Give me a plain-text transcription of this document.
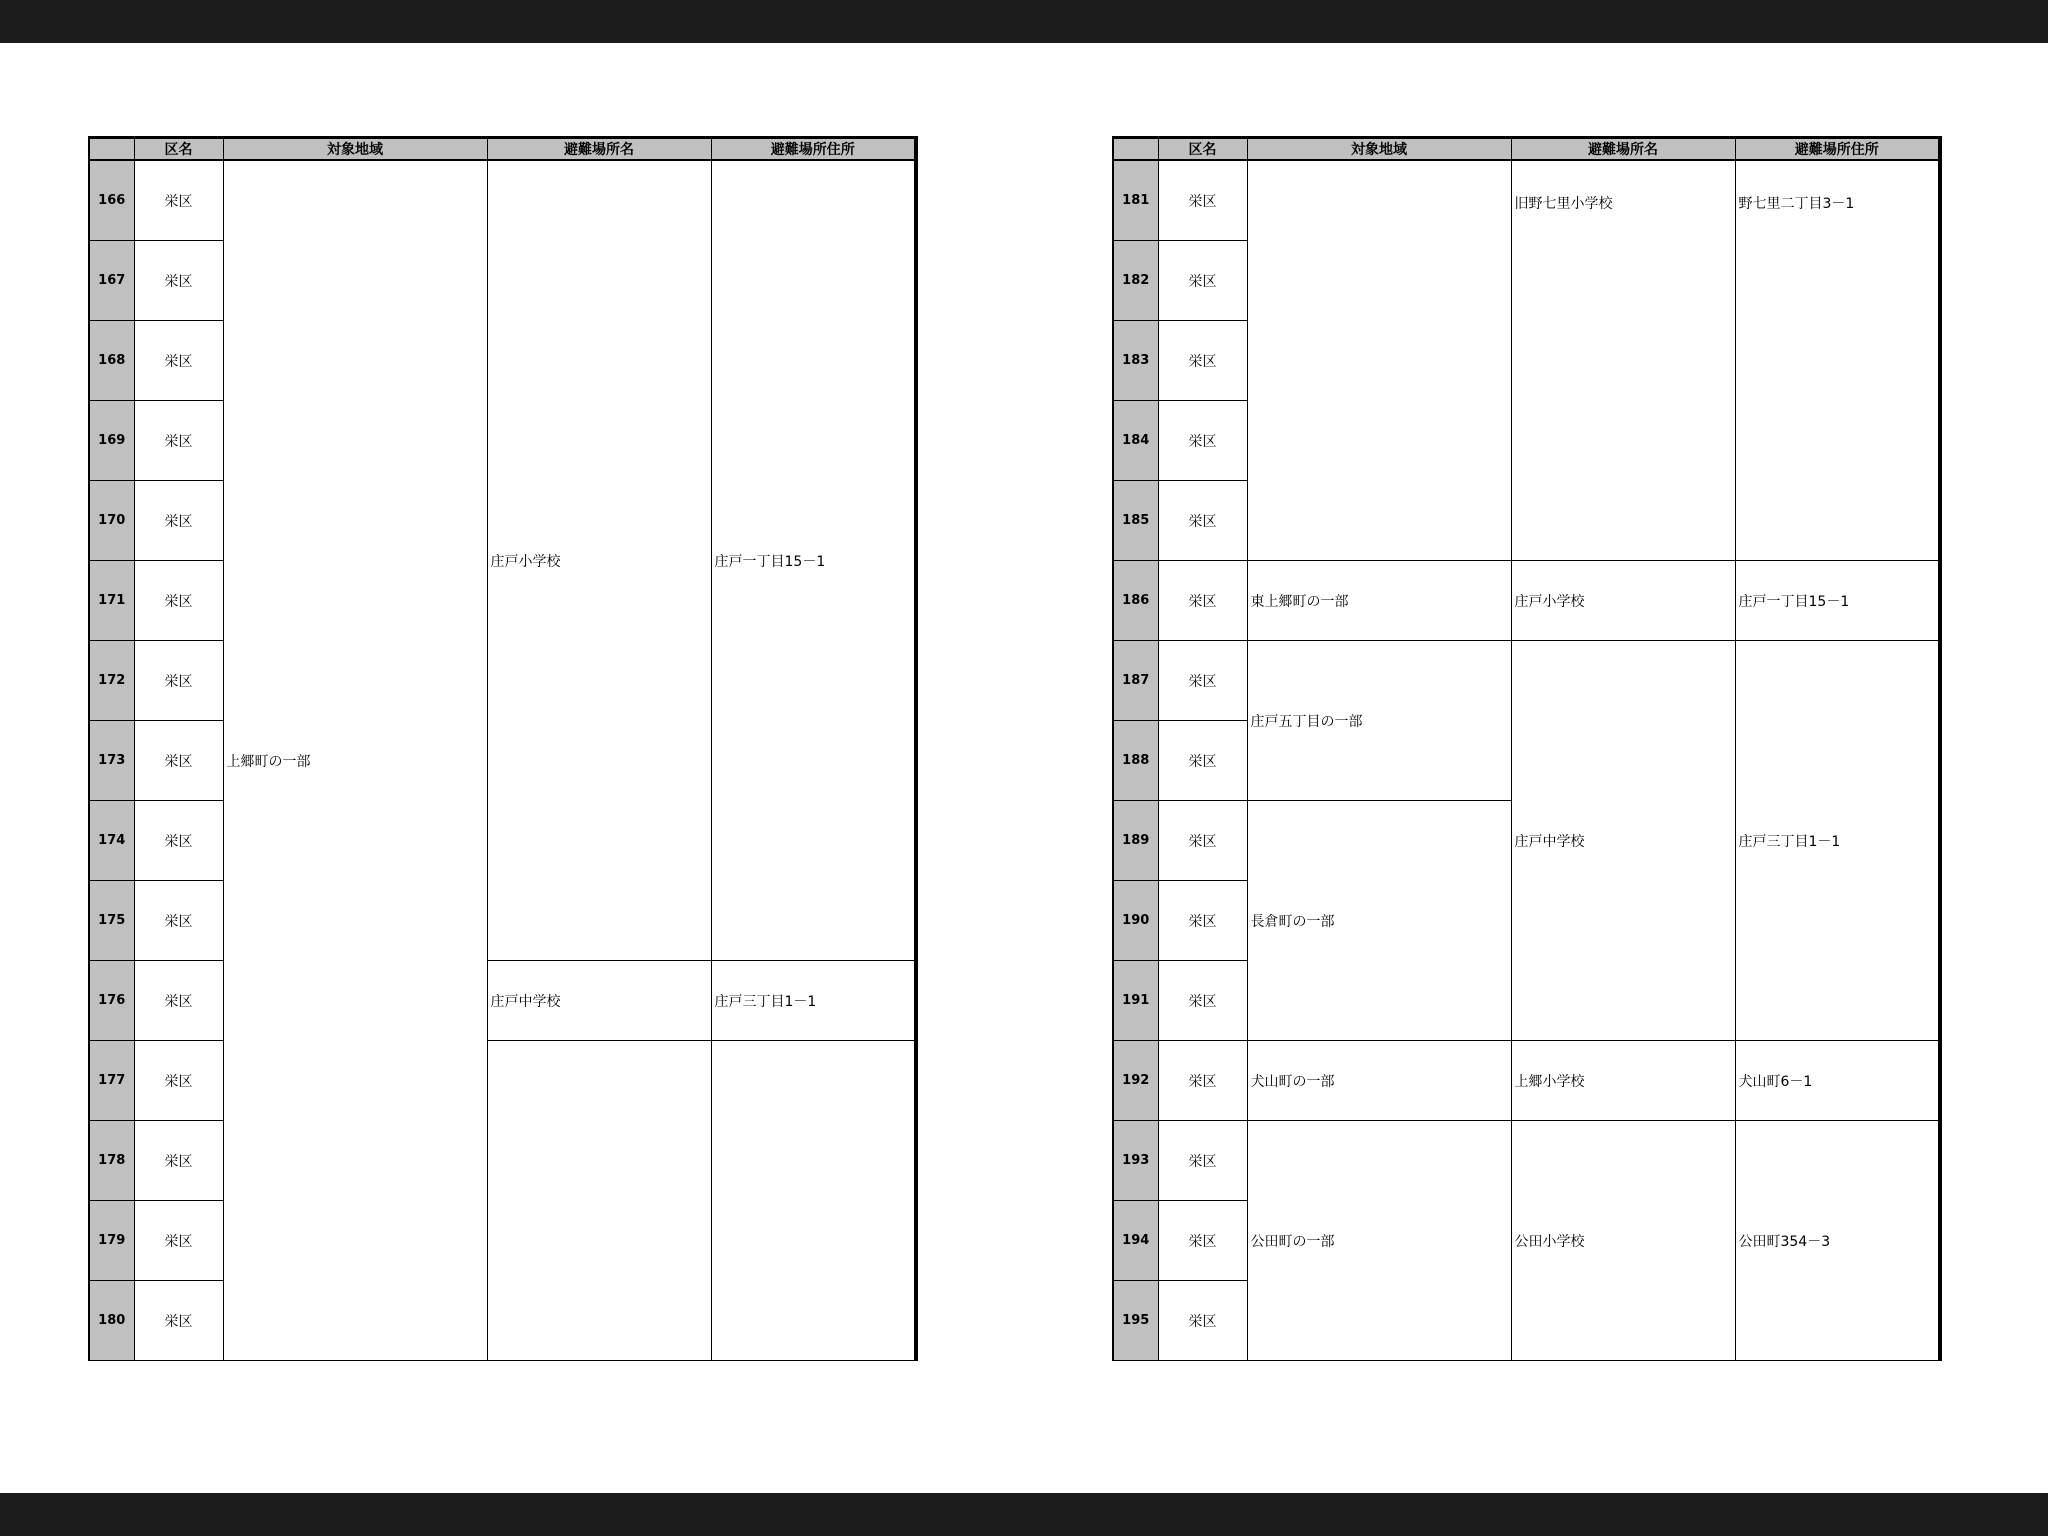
	区名	対象地域	避難場所名	避難場所住所
166	栄区	上郷町の一部	庄戸小学校	庄戸一丁目15－1
167	栄区			
168	栄区			
169	栄区			
170	栄区			
171	栄区			
172	栄区			
173	栄区			
174	栄区			
175	栄区			
176	栄区		庄戸中学校	庄戸三丁目1－1
177	栄区			
178	栄区			
179	栄区			
180	栄区			
	区名	対象地域	避難場所名	避難場所住所
181	栄区		旧野七里小学校	野七里二丁目3－1
182	栄区			
183	栄区			
184	栄区			
185	栄区			
186	栄区	東上郷町の一部	庄戸小学校	庄戸一丁目15－1
187	栄区	庄戸五丁目の一部	庄戸中学校	庄戸三丁目1－1
188	栄区			
189	栄区	長倉町の一部		
190	栄区			
191	栄区			
192	栄区	犬山町の一部	上郷小学校	犬山町6－1
193	栄区	公田町の一部	公田小学校	公田町354－3
194	栄区			
195	栄区			
